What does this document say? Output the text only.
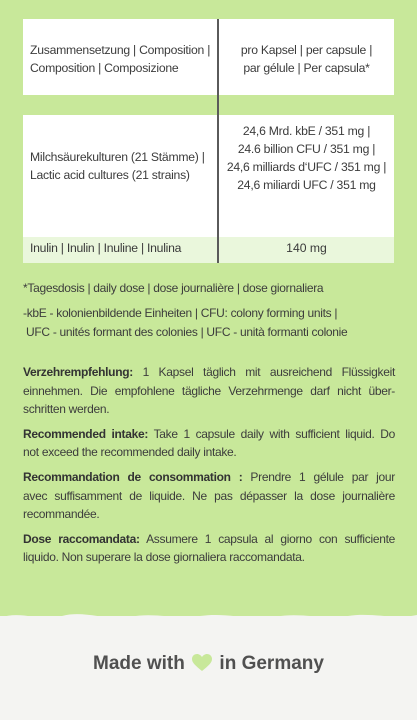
Zusammensetzung | Composition |
Composition | Composizione
pro Kapsel | per capsule |
par gélule | Per capsula*
Milchsäurekulturen (21 Stämme) |
Lactic acid cultures (21 strains)
24,6 Mrd. kbE / 351 mg |
24.6 billion CFU / 351 mg |
24,6 milliards d‘UFC / 351 mg |
24,6 miliardi UFC / 351 mg
Inulin | Inulin | Inuline | Inulina	140 mg

*Tagesdosis | daily dose | dose journalière | dose giornaliera

-kbE - kolonienbildende Einheiten | CFU: colony forming units |
UFC - unités formant des colonies | UFC - unità formanti colonie

Verzehrempfehlung: 1 Kapsel täglich mit ausreichend Flüssigkeit
einnehmen. Die empfohlene tägliche Verzehrmenge darf nicht über-
schritten werden.
Recommended intake: Take 1 capsule daily with sufficient liquid. Do
not exceed the recommended daily intake.
Recommandation de consommation : Prendre 1 gélule par jour
avec suffisamment de liquide. Ne pas dépasser la dose journalière
recommandée.
Dose raccomandata: Assumere 1 capsula al giorno con sufficiente
liquido. Non superare la dose giornaliera raccomandata.
Made with in Germany
